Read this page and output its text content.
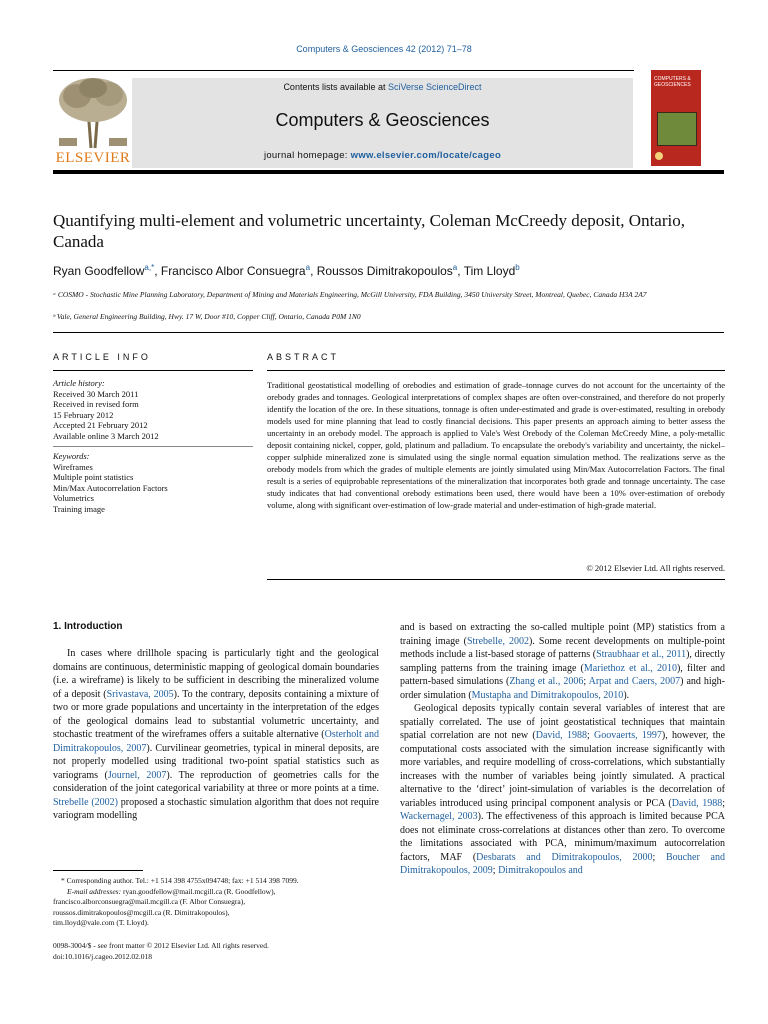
Computers & Geosciences 42 (2012) 71–78
ELSEVIER
Contents lists available at SciVerse ScienceDirect
Computers & Geosciences
journal homepage: www.elsevier.com/locate/cageo
COMPUTERS & GEOSCIENCES
Quantifying multi-element and volumetric uncertainty, Coleman McCreedy deposit, Ontario, Canada
Ryan Goodfellow$^{a,*}$, Francisco Albor Consuegra$^a$, Roussos Dimitrakopoulos$^a$, Tim Lloyd$^b$
ᵃ COSMO - Stochastic Mine Planning Laboratory, Department of Mining and Materials Engineering, McGill University, FDA Building, 3450 University Street, Montreal, Quebec, Canada H3A 2A7
ᵇ Vale, General Engineering Building, Hwy. 17 W, Door #10, Copper Cliff, Ontario, Canada P0M 1N0
ARTICLE INFO
Article history:
Received 30 March 2011
Received in revised form
15 February 2012
Accepted 21 February 2012
Available online 3 March 2012
Keywords:
Wireframes
Multiple point statistics
Min/Max Autocorrelation Factors
Volumetrics
Training image
ABSTRACT
Traditional geostatistical modelling of orebodies and estimation of grade–tonnage curves do not account for the uncertainty of the orebody grades and tonnages. Geological interpretations of complex shapes are often over-constrained, and therefore do not properly identify the location of the ore. In these situations, tonnage is often under-estimated and grade is over-estimated, resulting in orebody models used for mine planning that lead to costly financial decisions. This paper presents an approach aiming to better assess the uncertainty in an orebody model. The approach is applied to Vale's West Orebody of the Coleman McCreedy Mine, a poly-metallic deposit containing nickel, copper, gold, platinum and palladium. To encapsulate the orebody's variability and uncertainty, the nickel–copper sulphide mineralized zone is simulated using the single normal equation simulation method. The realizations serve as the orebody models from which the grades of multiple elements are jointly simulated using Min/Max Autocorrelation Factors. The final result is a series of equiprobable representations of the mineralization that incorporates both grade and tonnage uncertainty. The case study indicates that had conventional orebody estimations been used, there would have been a 10% over-estimation of orebody volume, along with significant over-estimation of low-grade material and under-estimation of high-grade material.
© 2012 Elsevier Ltd. All rights reserved.
1. Introduction

In cases where drillhole spacing is particularly tight and the geological domains are continuous, deterministic mapping of geological domain boundaries (i.e. a wireframe) is likely to be sufficient in describing the mineralized volume of a deposit (Srivastava, 2005). To the contrary, deposits containing a mixture of two or more grade populations and uncertainty in the interpretation of the edges of the geological domains lead to substantial volumetric uncertainty, and stochastic treatment of the wireframes offers a suitable alternative (Osterholt and Dimitrakopoulos, 2007). Curvilinear geometries, typical in mineral deposits, are not properly modelled using traditional two-point spatial statistics such as variograms (Journel, 2007). The reproduction of geometries calls for the consideration of the joint categorical variability at three or more points at a time. Strebelle (2002) proposed a stochastic simulation algorithm that does not require variogram modelling

and is based on extracting the so-called multiple point (MP) statistics from a training image (Strebelle, 2002). Some recent developments on multiple-point methods include a list-based storage of patterns (Straubhaar et al., 2011), directly sampling patterns from the training image (Mariethoz et al., 2010), filter and pattern-based simulations (Zhang et al., 2006; Arpat and Caers, 2007) and high-order simulation (Mustapha and Dimitrakopoulos, 2010).

Geological deposits typically contain several variables of interest that are spatially correlated. The use of joint geostatistical techniques that maintain spatial correlation are not new (David, 1988; Goovaerts, 1997), however, the computational costs associated with the simulation increase significantly with more variables, and require modelling of cross-correlations, which substantially increases with the number of variables being jointly simulated. A practical alternative to the ‘direct’ joint-simulation of variables is the decorrelation of variables introduced using principal component analysis or PCA (David, 1988; Wackernagel, 2003). The effectiveness of this approach is limited because PCA does not eliminate cross-correlations at distances other than zero. To overcome the limitations associated with PCA, minimum/maximum autocorrelation factors, MAF (Desbarats and Dimitrakopoulos, 2000; Boucher and Dimitrakopoulos, 2009; Dimitrakopoulos and

* Corresponding author. Tel.: +1 514 398 4755x094748; fax: +1 514 398 7099.
E-mail addresses: ryan.goodfellow@mail.mcgill.ca (R. Goodfellow),
francisco.alborconsuegra@mail.mcgill.ca (F. Albor Consuegra),
roussos.dimitrakopoulos@mcgill.ca (R. Dimitrakopoulos),
tim.lloyd@vale.com (T. Lloyd).
0098-3004/$ - see front matter © 2012 Elsevier Ltd. All rights reserved.
doi:10.1016/j.cageo.2012.02.018
